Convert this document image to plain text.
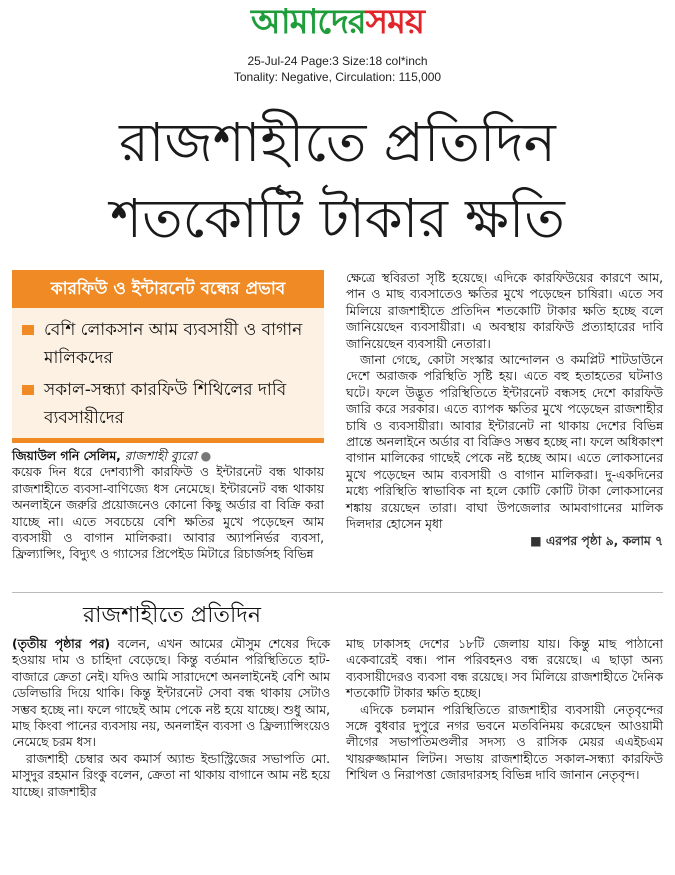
আমাদেরসময়
25-Jul-24 Page:3 Size:18 col*inch
Tonality: Negative, Circulation: 115,000
রাজশাহীতে প্রতিদিন
শতকোটি টাকার ক্ষতি
কারফিউ ও ইন্টারনেট বন্ধের প্রভাব
বেশি লোকসান আম ব্যবসায়ী ও বাগান মালিকদের
সকাল-সন্ধ্যা কারফিউ শিথিলের দাবি ব্যবসায়ীদের

জিয়াউল গনি সেলিম, রাজশাহী ব্যুরো ●

কয়েক দিন ধরে দেশব্যাপী কারফিউ ও ইন্টারনেট বন্ধ থাকায় রাজশাহীতে ব্যবসা-বাণিজ্যে ধস নেমেছে। ইন্টারনেট বন্ধ থাকায় অনলাইনে জরুরি প্রয়োজনেও কোনো কিছু অর্ডার বা বিক্রি করা যাচ্ছে না। এতে সবচেয়ে বেশি ক্ষতির মুখে পড়েছেন আম ব্যবসায়ী ও বাগান মালিকরা। আবার অ্যাপনির্ভর ব্যবসা, ফ্রিল্যান্সিং, বিদ্যুৎ ও গ্যাসের প্রিপেইড মিটারে রিচার্জসহ বিভিন্ন

ক্ষেত্রে স্থবিরতা সৃষ্টি হয়েছে। এদিকে কারফিউয়ের কারণে আম, পান ও মাছ ব্যবসাতেও ক্ষতির মুখে পড়েছেন চাষিরা। এতে সব মিলিয়ে রাজশাহীতে প্রতিদিন শতকোটি টাকার ক্ষতি হচ্ছে বলে জানিয়েছেন ব্যবসায়ীরা। এ অবস্থায় কারফিউ প্রত্যাহারের দাবি জানিয়েছেন ব্যবসায়ী নেতারা।

জানা গেছে, কোটা সংস্কার আন্দোলন ও কমপ্লিট শাটডাউনে দেশে অরাজক পরিস্থিতি সৃষ্টি হয়। এতে বহু হতাহতের ঘটনাও ঘটে। ফলে উদ্ভূত পরিস্থিতিতে ইন্টারনেট বন্ধসহ দেশে কারফিউ জারি করে সরকার। এতে ব্যাপক ক্ষতির মুখে পড়েছেন রাজশাহীর চাষি ও ব্যবসায়ীরা। আবার ইন্টারনেট না থাকায় দেশের বিভিন্ন প্রান্তে অনলাইনে অর্ডার বা বিক্রিও সম্ভব হচ্ছে না। ফলে অধিকাংশ বাগান মালিকের গাছেই পেকে নষ্ট হচ্ছে আম। এতে লোকসানের মুখে পড়েছেন আম ব্যবসায়ী ও বাগান মালিকরা। দু-একদিনের মধ্যে পরিস্থিতি স্বাভাবিক না হলে কোটি কোটি টাকা লোকসানের শঙ্কায় রয়েছেন তারা। বাঘা উপজেলার আমবাগানের মালিক দিলদার হোসেন মৃধা

■ এরপর পৃষ্ঠা ৯, কলাম ৭

রাজশাহীতে প্রতিদিন

(তৃতীয় পৃষ্ঠার পর) বলেন, এখন আমের মৌসুম শেষের দিকে হওয়ায় দাম ও চাহিদা বেড়েছে। কিন্তু বর্তমান পরিস্থিতিতে হাট-বাজারে ক্রেতা নেই। যদিও আমি সারাদেশে অনলাইনেই বেশি আম ডেলিভারি দিয়ে থাকি। কিন্তু ইন্টারনেট সেবা বন্ধ থাকায় সেটাও সম্ভব হচ্ছে না। ফলে গাছেই আম পেকে নষ্ট হয়ে যাচ্ছে। শুধু আম, মাছ কিংবা পানের ব্যবসায় নয়, অনলাইন ব্যবসা ও ফ্রিল্যান্সিংয়েও নেমেছে চরম ধস।

রাজশাহী চেম্বার অব কমার্স অ্যান্ড ইন্ডাস্ট্রিজের সভাপতি মো. মাসুদুর রহমান রিংকু বলেন, ক্রেতা না থাকায় বাগানে আম নষ্ট হয়ে যাচ্ছে। রাজশাহীর

মাছ ঢাকাসহ দেশের ১৮টি জেলায় যায়। কিন্তু মাছ পাঠানো একেবারেই বন্ধ। পান পরিবহনও বন্ধ রয়েছে। এ ছাড়া অন্য ব্যবসায়ীদেরও ব্যবসা বন্ধ রয়েছে। সব মিলিয়ে রাজশাহীতে দৈনিক শতকোটি টাকার ক্ষতি হচ্ছে।

এদিকে চলমান পরিস্থিতিতে রাজশাহীর ব্যবসায়ী নেতৃবৃন্দের সঙ্গে বুধবার দুপুরে নগর ভবনে মতবিনিময় করেছেন আওয়ামী লীগের সভাপতিমণ্ডলীর সদস্য ও রাসিক মেয়র এএইচএম খায়রুজ্জামান লিটন। সভায় রাজশাহীতে সকাল-সন্ধ্যা কারফিউ শিথিল ও নিরাপত্তা জোরদারসহ বিভিন্ন দাবি জানান নেতৃবৃন্দ।
